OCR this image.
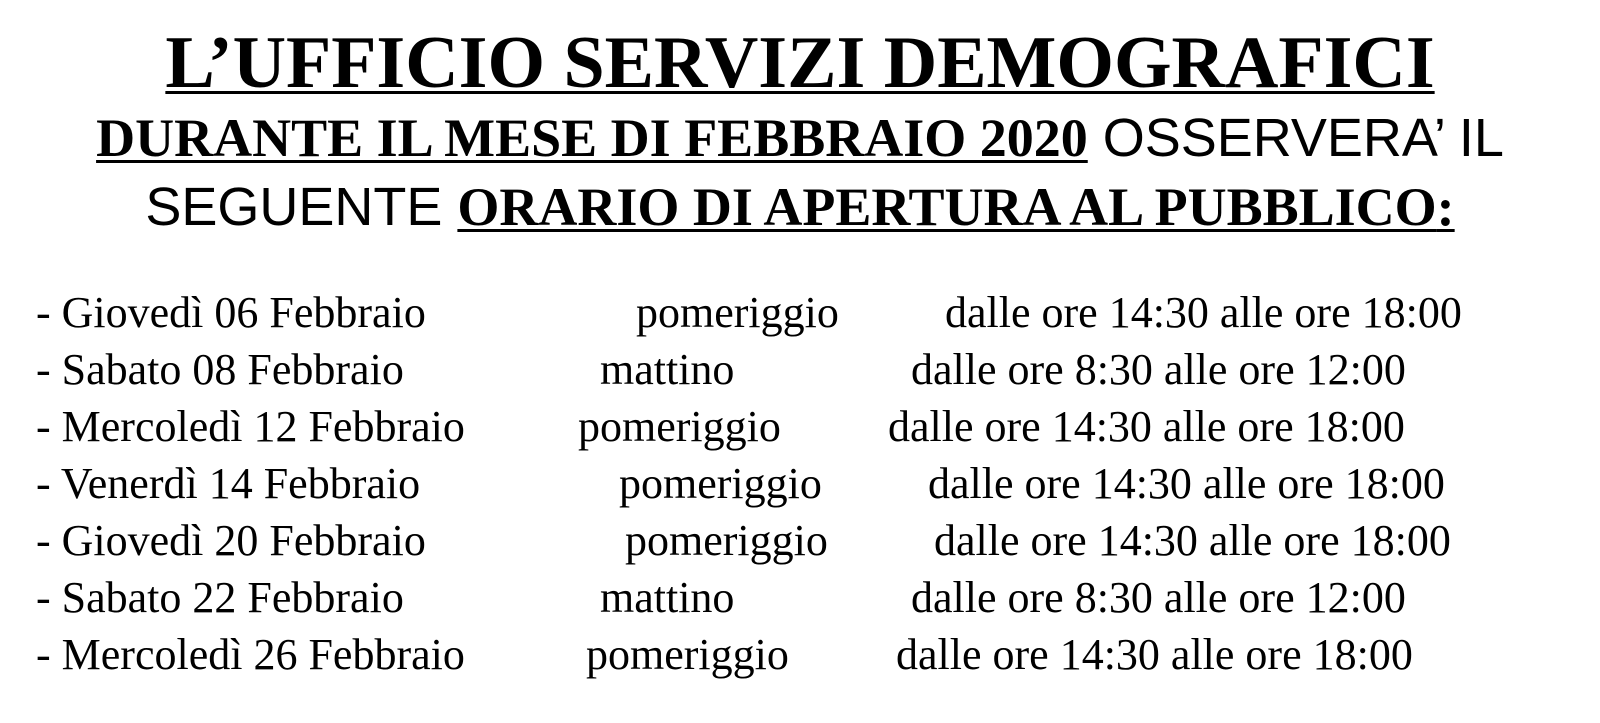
L’UFFICIO SERVIZI DEMOGRAFICI
DURANTE IL MESE DI FEBBRAIO 2020 OSSERVERA’ IL
SEGUENTE ORARIO DI APERTURA AL PUBBLICO:
- Giovedì 06 Febbraio	pomeriggio dalle ore 14:30 alle ore 18:00
- Sabato 08 Febbraio	mattino	dalle ore 8:30 alle ore 12:00
- Mercoledì 12 Febbraio	pomeriggio dalle ore 14:30 alle ore 18:00
- Venerdì 14 Febbraio	pomeriggio dalle ore 14:30 alle ore 18:00
- Giovedì 20 Febbraio	pomeriggio dalle ore 14:30 alle ore 18:00
- Sabato 22 Febbraio	mattino	dalle ore 8:30 alle ore 12:00
- Mercoledì 26 Febbraio	pomeriggio dalle ore 14:30 alle ore 18:00
